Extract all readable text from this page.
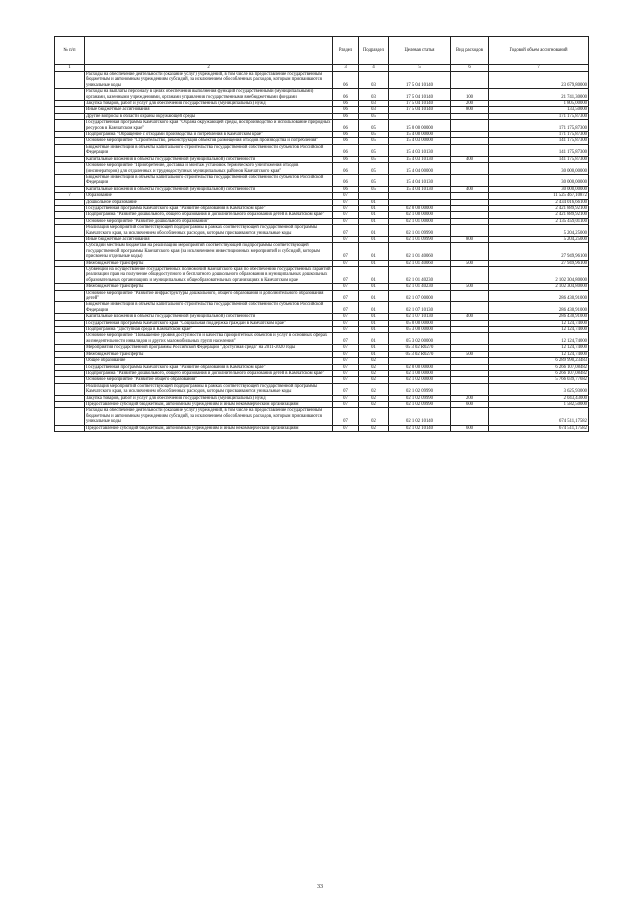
№ п/п		Раздел	Подраздел	Целевая статья	Вид расходов	Годовой объем ассигнований
1	2	3	4	5	6	7
	Расходы на обеспечение деятельности (оказание услуг) учреждений, в том числе на предоставление государственным бюджетным и автономным учреждениям субсидий, за исключением обособленных расходов, которым присваиваются уникальные коды	06	03	17 5 04 10140		23 679,80000
	Расходы на выплаты персоналу в целях обеспечения выполнения функций государственными (муниципальными) органами, казенными учреждениями, органами управления государственными внебюджетными фондами	06	03	17 5 04 10140	100	21 741,30000
	Закупка товаров, работ и услуг для обеспечения государственных (муниципальных) нужд	06	03	17 5 04 10140	200	1 805,00000
	Иные бюджетные ассигнования	06	03	17 5 04 10140	800	133,50000
	Другие вопросы в области охраны окружающей среды	06	05			171 175,87300
	Государственная программа Камчатского края "Охрана окружающей среды, воспроизводство и использование природных ресурсов в Камчатском крае"	06	05	15 0 00 00000		171 175,87300
	Подпрограмма "Обращение с отходами производства и потребления в Камчатском крае"	06	05	15 4 00 00000		171 175,87300
	Основное мероприятие "Строительство, реконструкция объектов размещения отходов производства и потребления"	06	05	15 4 03 00000		141 175,87300
	Бюджетные инвестиции в объекты капитального строительства государственной собственности субъектов Российской Федерации	06	05	15 4 03 10130		141 175,87300
	Капитальные вложения в объекты государственной (муниципальной) собственности	06	05	15 4 03 10130	400	141 175,87300
	Основное мероприятие "Приобретение, доставка и монтаж установок термического уничтожения отходов (инсинераторов) для отдаленных и труднодоступных муниципальных районов Камчатского края"	06	05	15 4 04 00000		30 000,00000
	Бюджетные инвестиции в объекты капитального строительства государственной собственности субъектов Российской Федерации	06	05	15 4 04 10130		30 000,00000
	Капитальные вложения в объекты государственной (муниципальной) собственности	06	05	15 4 04 10130	400	30 000,00000
7	Образование	07				11 525 467,10872
	Дошкольное образование	07	01			2 434 016,66100
	Государственная программа Камчатского края "Развитие образования в Камчатском крае"	07	01	02 0 00 00000		2 421 889,92100
	Подпрограмма "Развитие дошкольного, общего образования и дополнительного образования детей в Камчатском крае"	07	01	02 1 00 00000		2 421 889,92100
	Основное мероприятие "Развитие дошкольного образования"	07	01	02 1 01 00000		2 135 459,01100
	Реализация мероприятий соответствующей подпрограммы в рамках соответствующей государственной программы Камчатского края, за исключением обособленных расходов, которым присваиваются уникальные коды	07	01	02 1 01 09990		5 204,25000
	Иные бюджетные ассигнования	07	01	02 1 01 09990	800	5 204,25000
	Субсидии местным бюджетам на реализацию мероприятий соответствующей подпрограммы соответствующей государственной программы Камчатского края (за исключением инвестиционных мероприятий и субсидий, которым присвоены отдельные коды)	07	01	02 1 01 40060		27 949,96100
	Межбюджетные трансферты	07	01	02 1 01 40060	500	27 949,96100
	Субвенции на осуществление государственных полномочий Камчатского края по обеспечению государственных гарантий реализации прав на получение общедоступного и бесплатного дошкольного образования в муниципальных дошкольных образовательных организациях и муниципальных общеобразовательных организациях в Камчатском крае	07	01	02 1 01 40230		2 102 304,80000
	Межбюджетные трансферты	07	01	02 1 01 40230	500	2 102 304,80000
	Основное мероприятие "Развитие инфраструктуры дошкольного, общего образования и дополнительного образования детей"	07	01	02 1 07 00000		286 430,91000
	Бюджетные инвестиции в объекты капитального строительства государственной собственности субъектов Российской Федерации	07	01	02 1 07 10130		286 430,91000
	Капитальные вложения в объекты государственной (муниципальной) собственности	07	01	02 1 07 10130	400	286 430,91000
	Государственная программа Камчатского края "Социальная поддержка граждан в Камчатском крае"	07	01	05 0 00 00000		12 124,74000
	Подпрограмма "Доступная среда в Камчатском крае"	07	01	05 3 00 00000		12 124,74000
	Основное мероприятие "Повышение уровня доступности и качества приоритетных объектов и услуг в основных сферах жизнедеятельности инвалидов и других маломобильных групп населения"	07	01	05 3 02 00000		12 124,74000
	Мероприятия государственной программы Российской Федерации "Доступная среда" на 2011-2020 годы	07	01	05 3 02 R0270		12 124,74000
	Межбюджетные трансферты	07	01	05 3 02 R0270	500	12 124,74000
	Общее образование	07	02			6 289 990,23483
	Государственная программа Камчатского края "Развитие образования в Камчатском крае"	07	02	02 0 00 00000		6 266 107,08482
	Подпрограмма "Развитие дошкольного, общего образования и дополнительного образования детей в Камчатском крае"	07	02	02 1 00 00000		6 266 107,08482
	Основное мероприятие "Развитие общего образования"	07	02	02 1 02 00000		5 766 039,77682
	Реализация мероприятий соответствующей подпрограммы в рамках соответствующей государственной программы Камчатского края, за исключением обособленных расходов, которым присваиваются уникальные коды	07	02	02 1 02 09990		3 625,93000
	Закупка товаров, работ и услуг для обеспечения государственных (муниципальных) нужд	07	02	02 1 02 09990	200	2 043,43000
	Предоставление субсидий бюджетным, автономным учреждениям и иным некоммерческим организациям	07	02	02 1 02 09990	600	1 582,50000
	Расходы на обеспечение деятельности (оказание услуг) учреждений, в том числе на предоставление государственным бюджетным и автономным учреждениям субсидий, за исключением обособленных расходов, которым присваиваются уникальные коды	07	02	02 1 02 10140		674 511,17582
	Предоставление субсидий бюджетным, автономным учреждениям и иным некоммерческим организациям	07	02	02 1 02 10140	600	674 511,17582
33
